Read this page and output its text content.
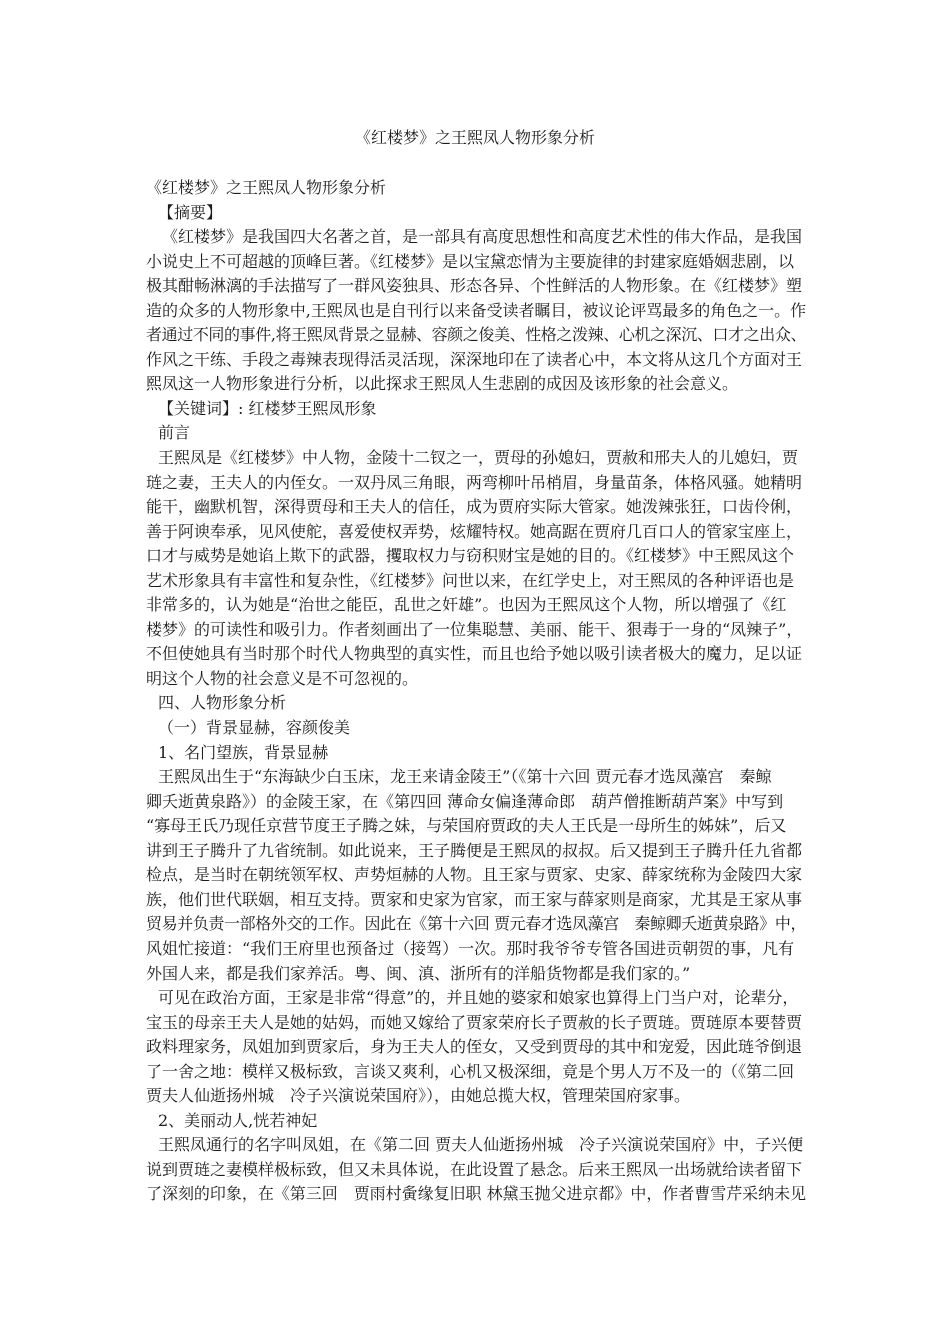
《红楼梦》之王熙凤人物形象分析
《红楼梦》之王熙凤人物形象分析
【摘要】
《红楼梦》是我国四大名著之首，是一部具有高度思想性和高度艺术性的伟大作品，是我国
小说史上不可超越的顶峰巨著。《红楼梦》是以宝黛恋情为主要旋律的封建家庭婚姻悲剧，以
极其酣畅淋漓的手法描写了一群风姿独具、形态各异、个性鲜活的人物形象。在《红楼梦》塑
造的众多的人物形象中,王熙凤也是自刊行以来备受读者瞩目，被议论评骂最多的角色之一。作
者通过不同的事件,将王熙凤背景之显赫、容颜之俊美、性格之泼辣、心机之深沉、口才之出众、
作风之干练、手段之毒辣表现得活灵活现，深深地印在了读者心中，本文将从这几个方面对王
熙凤这一人物形象进行分析，以此探求王熙凤人生悲剧的成因及该形象的社会意义。
【关键词】: 红楼梦王熙凤形象
前言
王熙凤是《红楼梦》中人物，金陵十二钗之一，贾母的孙媳妇，贾赦和邢夫人的儿媳妇，贾
琏之妻，王夫人的内侄女。一双丹凤三角眼，两弯柳叶吊梢眉，身量苗条，体格风骚。她精明
能干，幽默机智，深得贾母和王夫人的信任，成为贾府实际大管家。她泼辣张狂，口齿伶俐，
善于阿谀奉承，见风使舵，喜爱使权弄势，炫耀特权。她高踞在贾府几百口人的管家宝座上，
口才与威势是她谄上欺下的武器，攫取权力与窃积财宝是她的目的。《红楼梦》中王熙凤这个
艺术形象具有丰富性和复杂性，《红楼梦》问世以来，在红学史上，对王熙凤的各种评语也是
非常多的，认为她是“治世之能臣，乱世之奸雄”。也因为王熙凤这个人物，所以增强了《红
楼梦》的可读性和吸引力。作者刻画出了一位集聪慧、美丽、能干、狠毒于一身的“凤辣子”，
不但使她具有当时那个时代人物典型的真实性，而且也给予她以吸引读者极大的魔力，足以证
明这个人物的社会意义是不可忽视的。
四、人物形象分析
（一）背景显赫，容颜俊美
1、名门望族，背景显赫
王熙凤出生于“东海缺少白玉床，龙王来请金陵王”（《第十六回 贾元春才选凤藻宫　秦鲸
卿夭逝黄泉路》）的金陵王家，在《第四回 薄命女偏逢薄命郎　葫芦僧推断葫芦案》中写到
“寡母王氏乃现任京营节度王子腾之妹，与荣国府贾政的夫人王氏是一母所生的姊妹”，后又
讲到王子腾升了九省统制。如此说来，王子腾便是王熙凤的叔叔。后又提到王子腾升任九省都
检点，是当时在朝统领军权、声势烜赫的人物。且王家与贾家、史家、薛家统称为金陵四大家
族，他们世代联姻，相互支持。贾家和史家为官家，而王家与薛家则是商家，尤其是王家从事
贸易并负责一部格外交的工作。因此在《第十六回 贾元春才选凤藻宫　秦鲸卿夭逝黄泉路》中，
风姐忙接道：“我们王府里也预备过（接驾）一次。那时我爷爷专管各国进贡朝贺的事，凡有
外国人来，都是我们家养活。粤、闽、滇、浙所有的洋船货物都是我们家的。”
可见在政治方面，王家是非常“得意”的，并且她的婆家和娘家也算得上门当户对，论辈分，
宝玉的母亲王夫人是她的姑妈，而她又嫁给了贾家荣府长子贾赦的长子贾琏。贾琏原本要替贾
政料理家务，凤姐加到贾家后，身为王夫人的侄女，又受到贾母的其中和宠爱，因此琏爷倒退
了一舍之地：模样又极标致，言谈又爽利，心机又极深细，竟是个男人万不及一的（《第二回
贾夫人仙逝扬州城　冷子兴演说荣国府》），由她总揽大权，管理荣国府家事。
2、美丽动人,恍若神妃
王熙凤通行的名字叫凤姐，在《第二回 贾夫人仙逝扬州城　冷子兴演说荣国府》中，子兴便
说到贾琏之妻模样极标致，但又未具体说，在此设置了悬念。后来王熙凤一出场就给读者留下
了深刻的印象，在《第三回　贾雨村夤缘复旧职 林黛玉抛父进京都》中，作者曹雪芹采纳未见
